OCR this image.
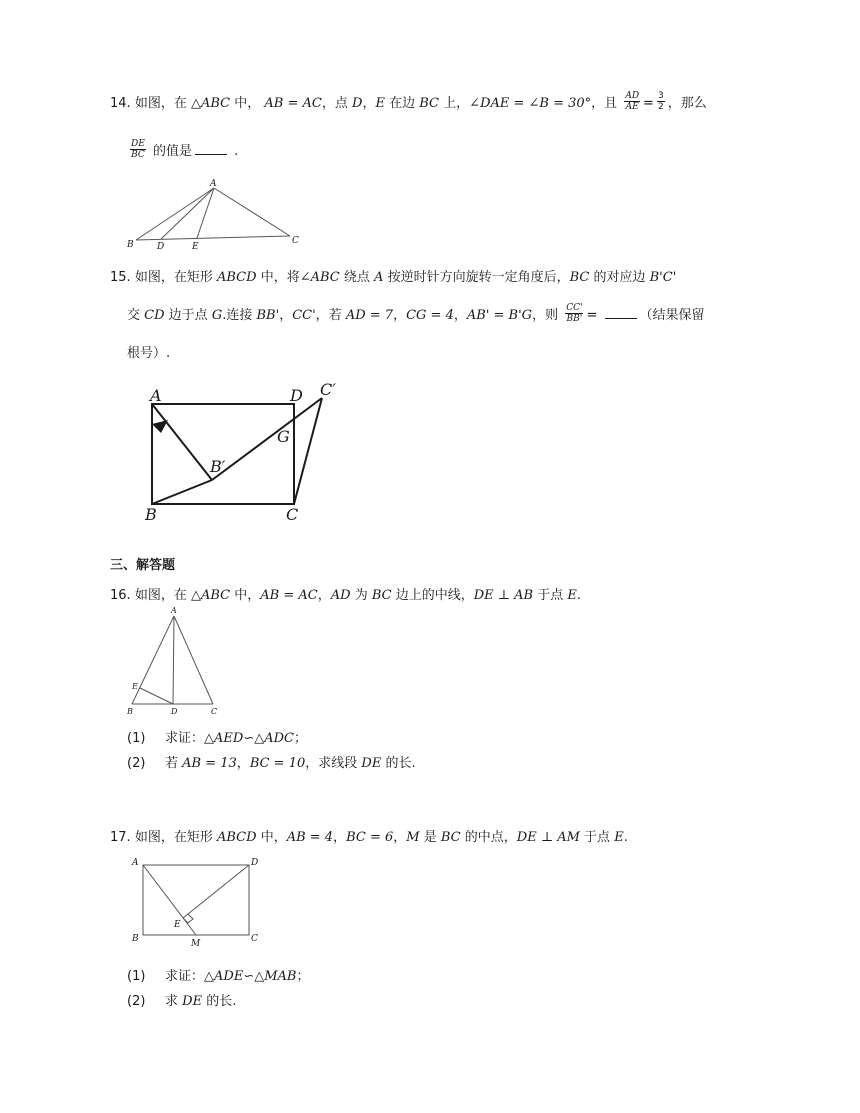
14. 如图，在 △ABC 中， AB = AC，点 D，E 在边 BC 上，∠DAE = ∠B = 30°，且 $\frac{AD}{AE} = \frac{3}{2}$ ，那么
$\frac{DE}{BC}$ 的值是	.
A
B	D	E
C
15. 如图，在矩形 ABCD 中，将∠ABC 绕点 A 按逆时针方向旋转一定角度后，BC 的对应边 B'C'
交 CD 边于点 G.连接 BB'，CC'，若 AD = 7，CG = 4，AB' = B'G，则 $\frac{CC'}{BB'}$ =	（结果保留
根号）.
A	D C′
G
B′
B	C
三、解答题
16. 如图，在 △ABC 中，AB = AC，AD 为 BC 边上的中线，DE ⊥ AB 于点 E.
A
E
B	D	C
(1) 求证：△AED∽△ADC；
(2) 若 AB = 13，BC = 10，求线段 DE 的长.
17. 如图，在矩形 ABCD 中，AB = 4，BC = 6，M 是 BC 的中点，DE ⊥ AM 于点 E.
A	D
E
B	M	C
(1) 求证：△ADE∽△MAB；
(2) 求 DE 的长.
